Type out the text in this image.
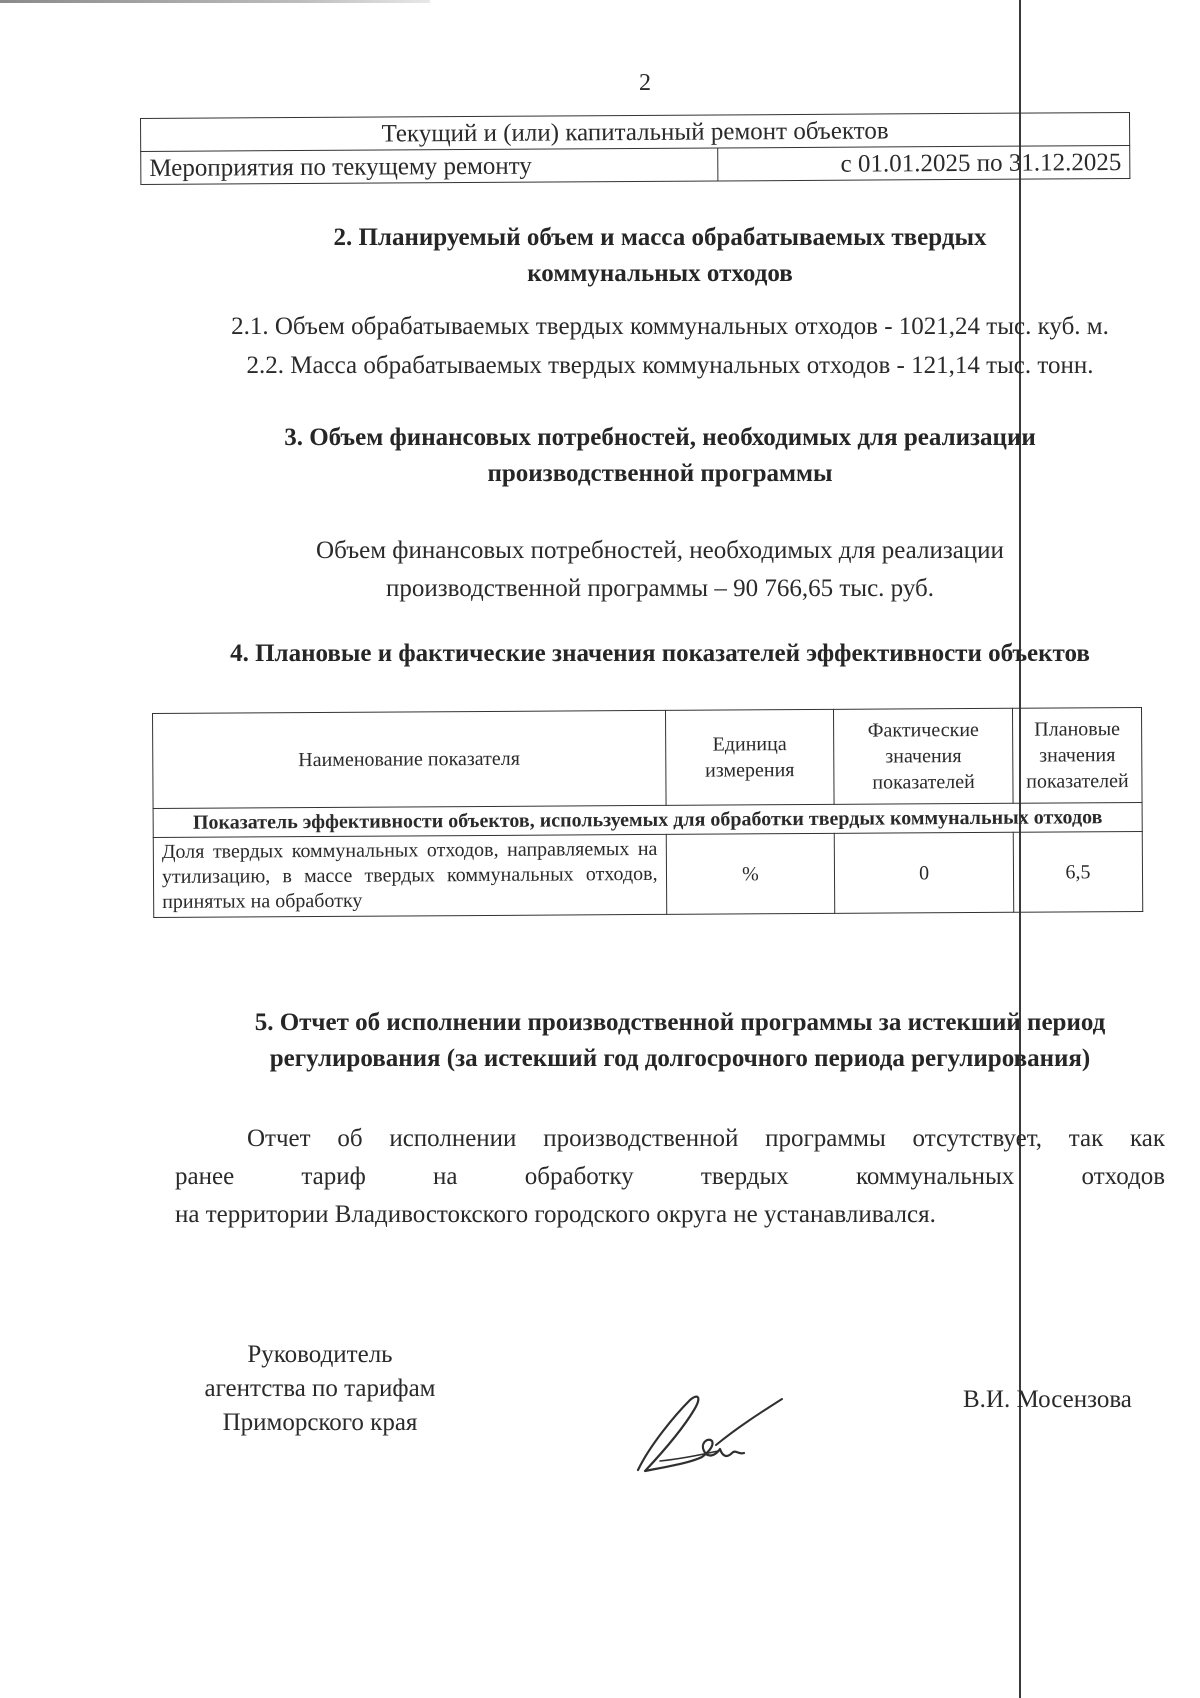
2
Текущий и (или) капитальный ремонт объектов
Мероприятия по текущему ремонту	с 01.01.2025 по 31.12.2025
2. Планируемый объем и масса обрабатываемых твердых
коммунальных отходов

2.1. Объем обрабатываемых твердых коммунальных отходов - 1021,24 тыс. куб. м.

2.2. Масса обрабатываемых твердых коммунальных отходов - 121,14 тыс. тонн.

3. Объем финансовых потребностей, необходимых для реализации
производственной программы

Объем финансовых потребностей, необходимых для реализации
производственной программы – 90 766,65 тыс. руб.

4. Плановые и фактические значения показателей эффективности объектов
Наименование показателя	Единица измерения	Фактические значения показателей	Плановые значения показателей
Показатель эффективности объектов, используемых для обработки твердых коммунальных отходов			
Доля твердых коммунальных отходов, направляемых на утилизацию, в массе твердых коммунальных отходов, принятых на обработку	%	0	6,5
5. Отчет об исполнении производственной программы за истекший период
регулирования (за истекший год долгосрочного периода регулирования)
Отчет об исполнении производственной программы отсутствует, так как
ранее тариф на обработку твердых коммунальных отходов
на территории Владивостокского городского округа не устанавливался.
Руководитель
агентства по тарифам
Приморского края
В.И. Мосензова
